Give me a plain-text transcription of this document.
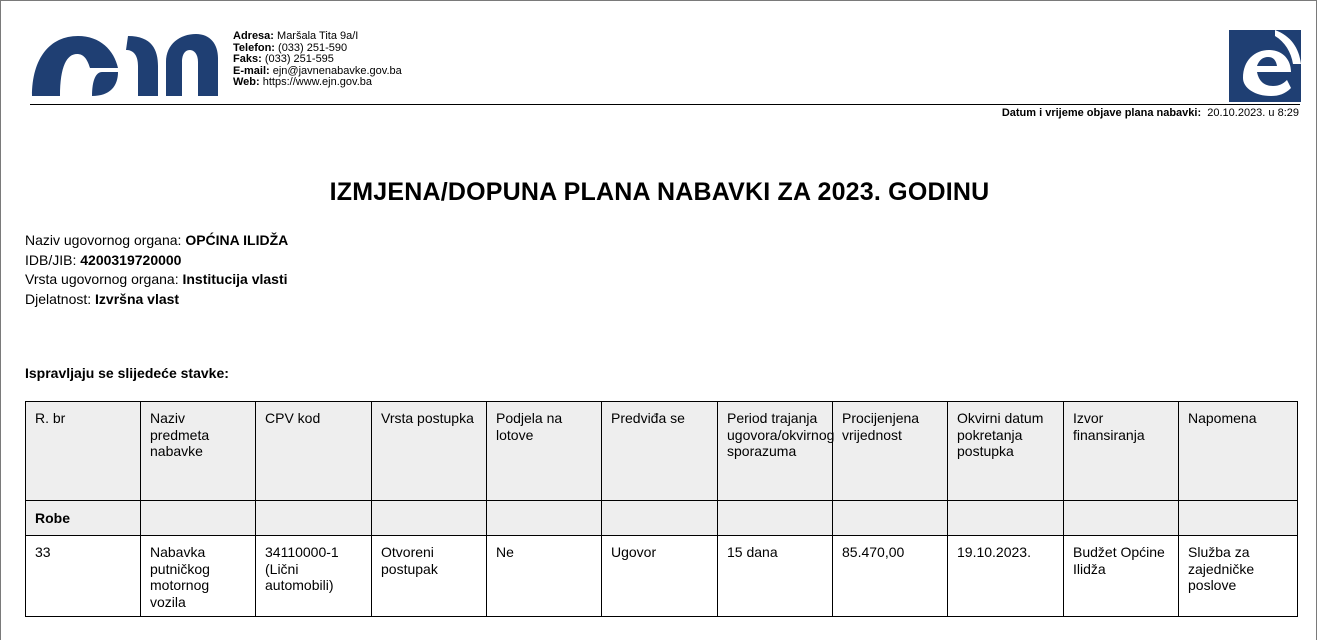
Adresa: Maršala Tita 9a/I
Telefon: (033) 251-590
Faks: (033) 251-595
E-mail: ejn@javnenabavke.gov.ba
Web: https://www.ejn.gov.ba
Datum i vrijeme objave plana nabavki: 20.10.2023. u 8:29
IZMJENA/DOPUNA PLANA NABAVKI ZA 2023. GODINU
Naziv ugovornog organa: OPĆINA ILIDŽA
IDB/JIB: 4200319720000
Vrsta ugovornog organa: Institucija vlasti
Djelatnost: Izvršna vlast
Ispravljaju se slijedeće stavke:
R. br	Naziv predmeta nabavke	CPV kod	Vrsta postupka	Podjela na lotove	Predviđa se	Period trajanja ugovora/okvirnog sporazuma	Procijenjena vrijednost	Okvirni datum pokretanja postupka	Izvor finansiranja	Napomena
Robe										
33	Nabavka putničkog motornog vozila	34110000-1 (Lični automobili)	Otvoreni postupak	Ne	Ugovor	15 dana	85.470,00	19.10.2023.	Budžet Općine Ilidža	Služba za zajedničke poslove
